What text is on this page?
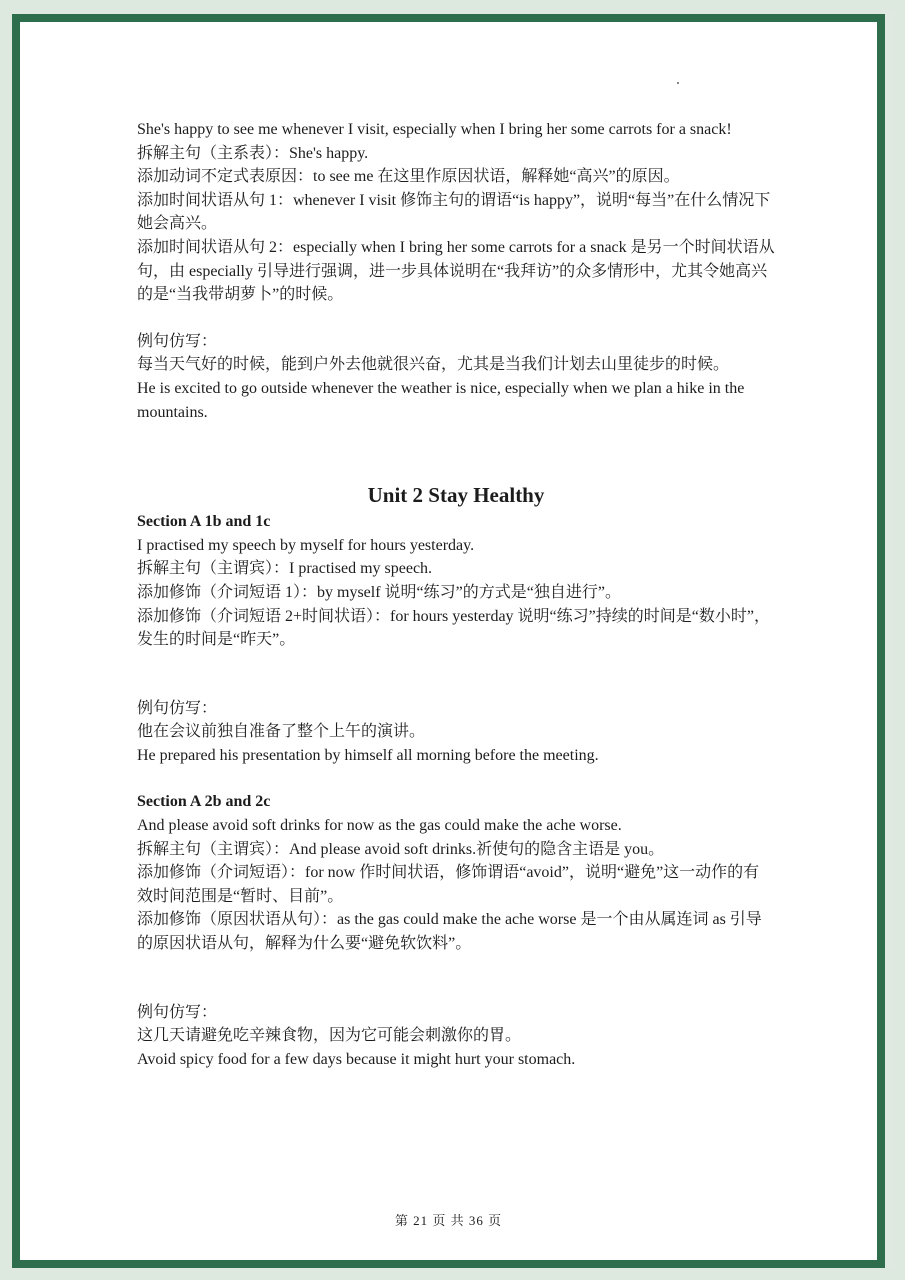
She's happy to see me whenever I visit, especially when I bring her some carrots for a snack!

拆解主句（主系表）：She's happy.

添加动词不定式表原因：to see me 在这里作原因状语，解释她“高兴”的原因。

添加时间状语从句 1：whenever I visit 修饰主句的谓语“is happy”，说明“每当”在什么情况下她会高兴。

添加时间状语从句 2：especially when I bring her some carrots for a snack 是另一个时间状语从句，由 especially 引导进行强调，进一步具体说明在“我拜访”的众多情形中，尤其令她高兴的是“当我带胡萝卜”的时候。

例句仿写：

每当天气好的时候，能到户外去他就很兴奋，尤其是当我们计划去山里徒步的时候。

He is excited to go outside whenever the weather is nice, especially when we plan a hike in the mountains.

Unit 2 Stay Healthy

Section A 1b and 1c

I practised my speech by myself for hours yesterday.

拆解主句（主谓宾）：I practised my speech.

添加修饰（介词短语 1）：by myself 说明“练习”的方式是“独自进行”。

添加修饰（介词短语 2+时间状语）：for hours yesterday 说明“练习”持续的时间是“数小时”，发生的时间是“昨天”。

例句仿写：

他在会议前独自准备了整个上午的演讲。

He prepared his presentation by himself all morning before the meeting.

Section A 2b and 2c

And please avoid soft drinks for now as the gas could make the ache worse.

拆解主句（主谓宾）：And please avoid soft drinks.祈使句的隐含主语是 you。

添加修饰（介词短语）：for now 作时间状语，修饰谓语“avoid”，说明“避免”这一动作的有效时间范围是“暂时、目前”。

添加修饰（原因状语从句）：as the gas could make the ache worse 是一个由从属连词 as 引导的原因状语从句，解释为什么要“避免软饮料”。

例句仿写：

这几天请避免吃辛辣食物，因为它可能会刺激你的胃。

Avoid spicy food for a few days because it might hurt your stomach.

第 21 页 共 36 页
